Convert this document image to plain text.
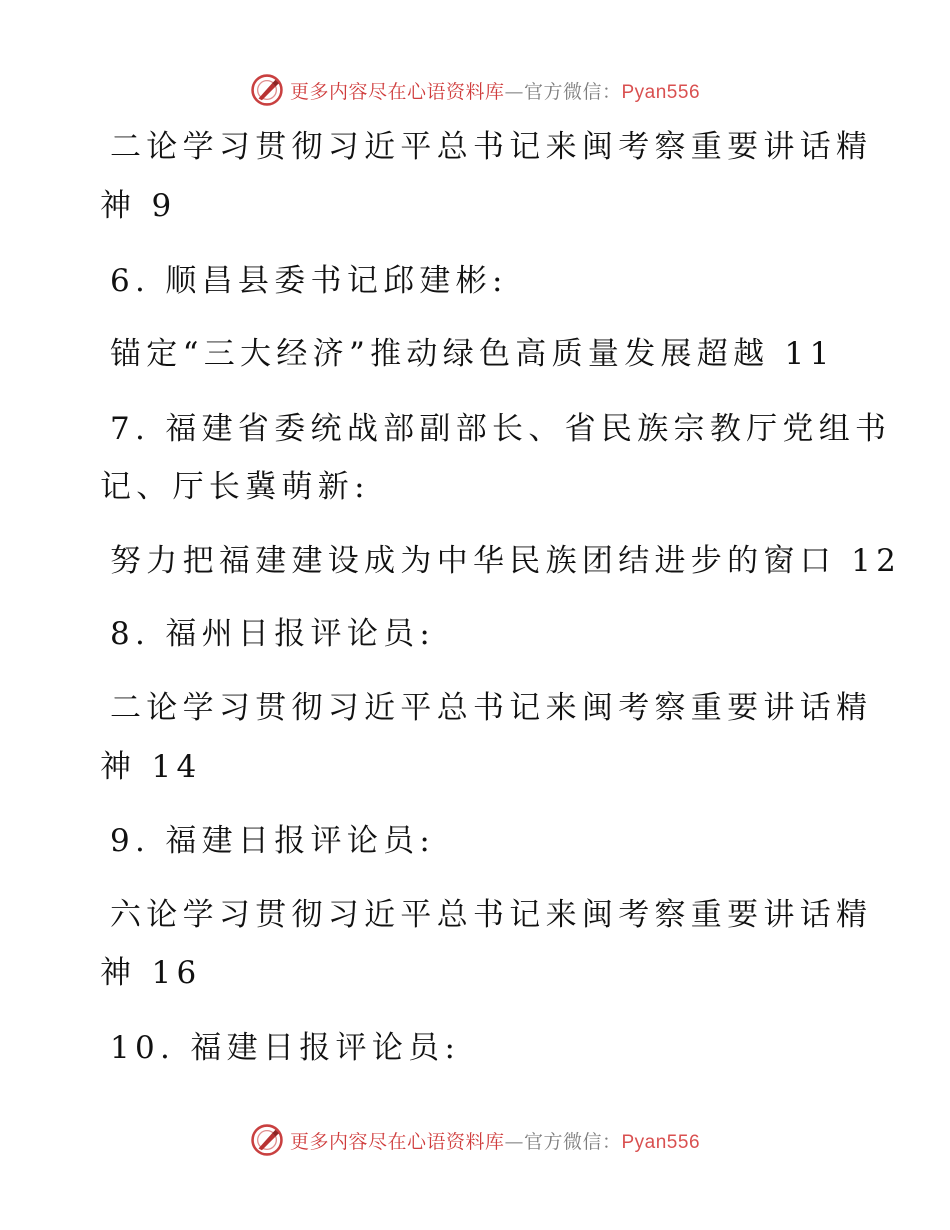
更多内容尽在心语资料库—官方微信：Pyan556
二论学习贯彻习近平总书记来闽考察重要讲话精
神 9
6. 顺昌县委书记邱建彬:
锚定“三大经济”推动绿色高质量发展超越 11
7. 福建省委统战部副部长、省民族宗教厅党组书
记、厅长冀萌新:
努力把福建建设成为中华民族团结进步的窗口 12
8. 福州日报评论员:
二论学习贯彻习近平总书记来闽考察重要讲话精
神 14
9. 福建日报评论员:
六论学习贯彻习近平总书记来闽考察重要讲话精
神 16
10. 福建日报评论员:
更多内容尽在心语资料库—官方微信：Pyan556
